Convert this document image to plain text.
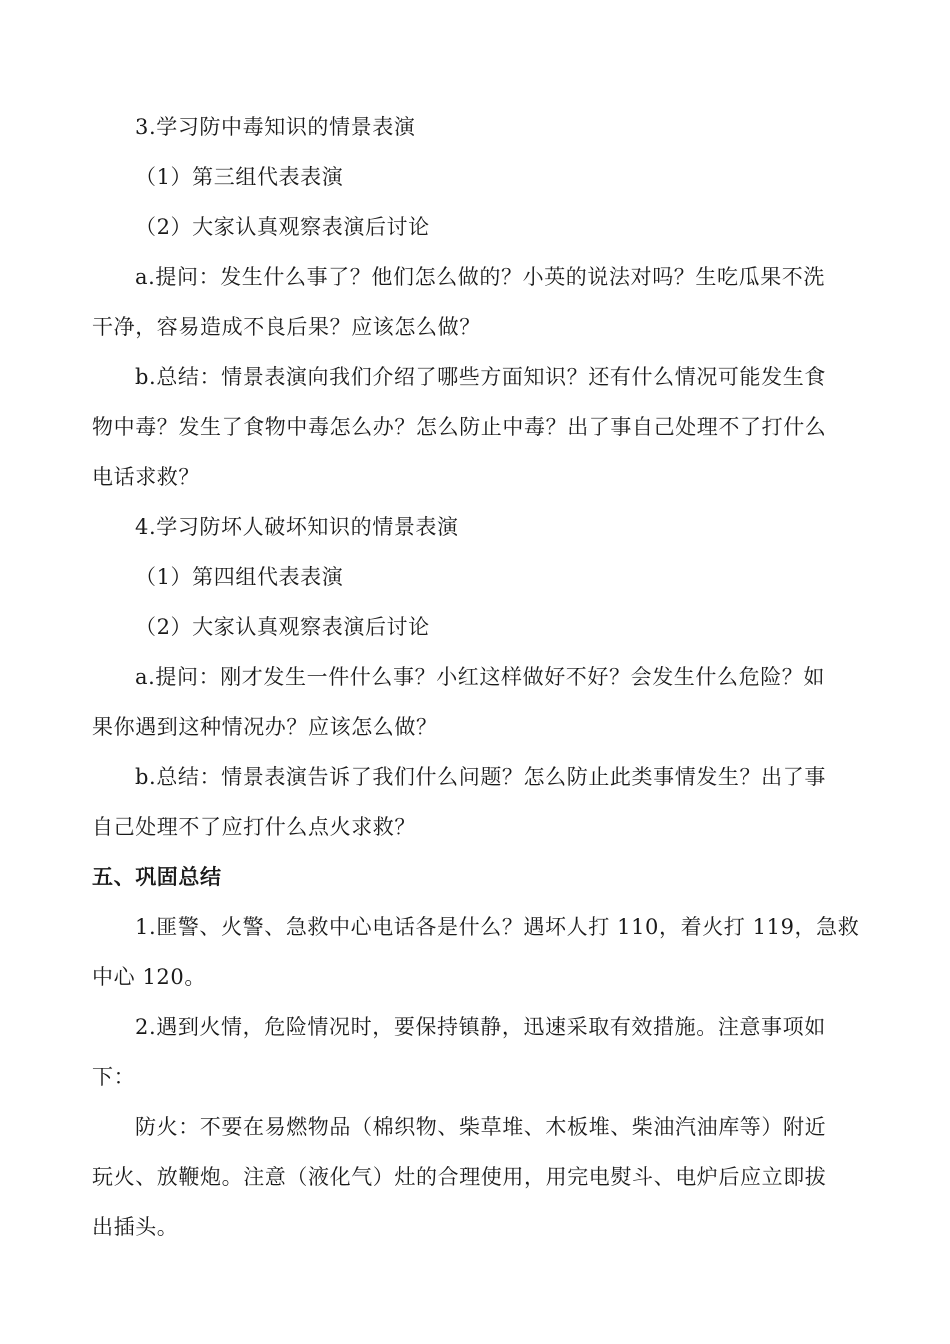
3.学习防中毒知识的情景表演
（1）第三组代表表演
（2）大家认真观察表演后讨论
a.提问：发生什么事了？他们怎么做的？小英的说法对吗？生吃瓜果不洗
干净，容易造成不良后果？应该怎么做？
b.总结：情景表演向我们介绍了哪些方面知识？还有什么情况可能发生食
物中毒？发生了食物中毒怎么办？怎么防止中毒？出了事自己处理不了打什么
电话求救？
4.学习防坏人破坏知识的情景表演
（1）第四组代表表演
（2）大家认真观察表演后讨论
a.提问：刚才发生一件什么事？小红这样做好不好？会发生什么危险？如
果你遇到这种情况办？应该怎么做？
b.总结：情景表演告诉了我们什么问题？怎么防止此类事情发生？出了事
自己处理不了应打什么点火求救？
五、巩固总结
1.匪警、火警、急救中心电话各是什么？遇坏人打 110，着火打 119，急救
中心 120。
2.遇到火情，危险情况时，要保持镇静，迅速采取有效措施。注意事项如
下：
防火：不要在易燃物品（棉织物、柴草堆、木板堆、柴油汽油库等）附近
玩火、放鞭炮。注意（液化气）灶的合理使用，用完电熨斗、电炉后应立即拔
出插头。
